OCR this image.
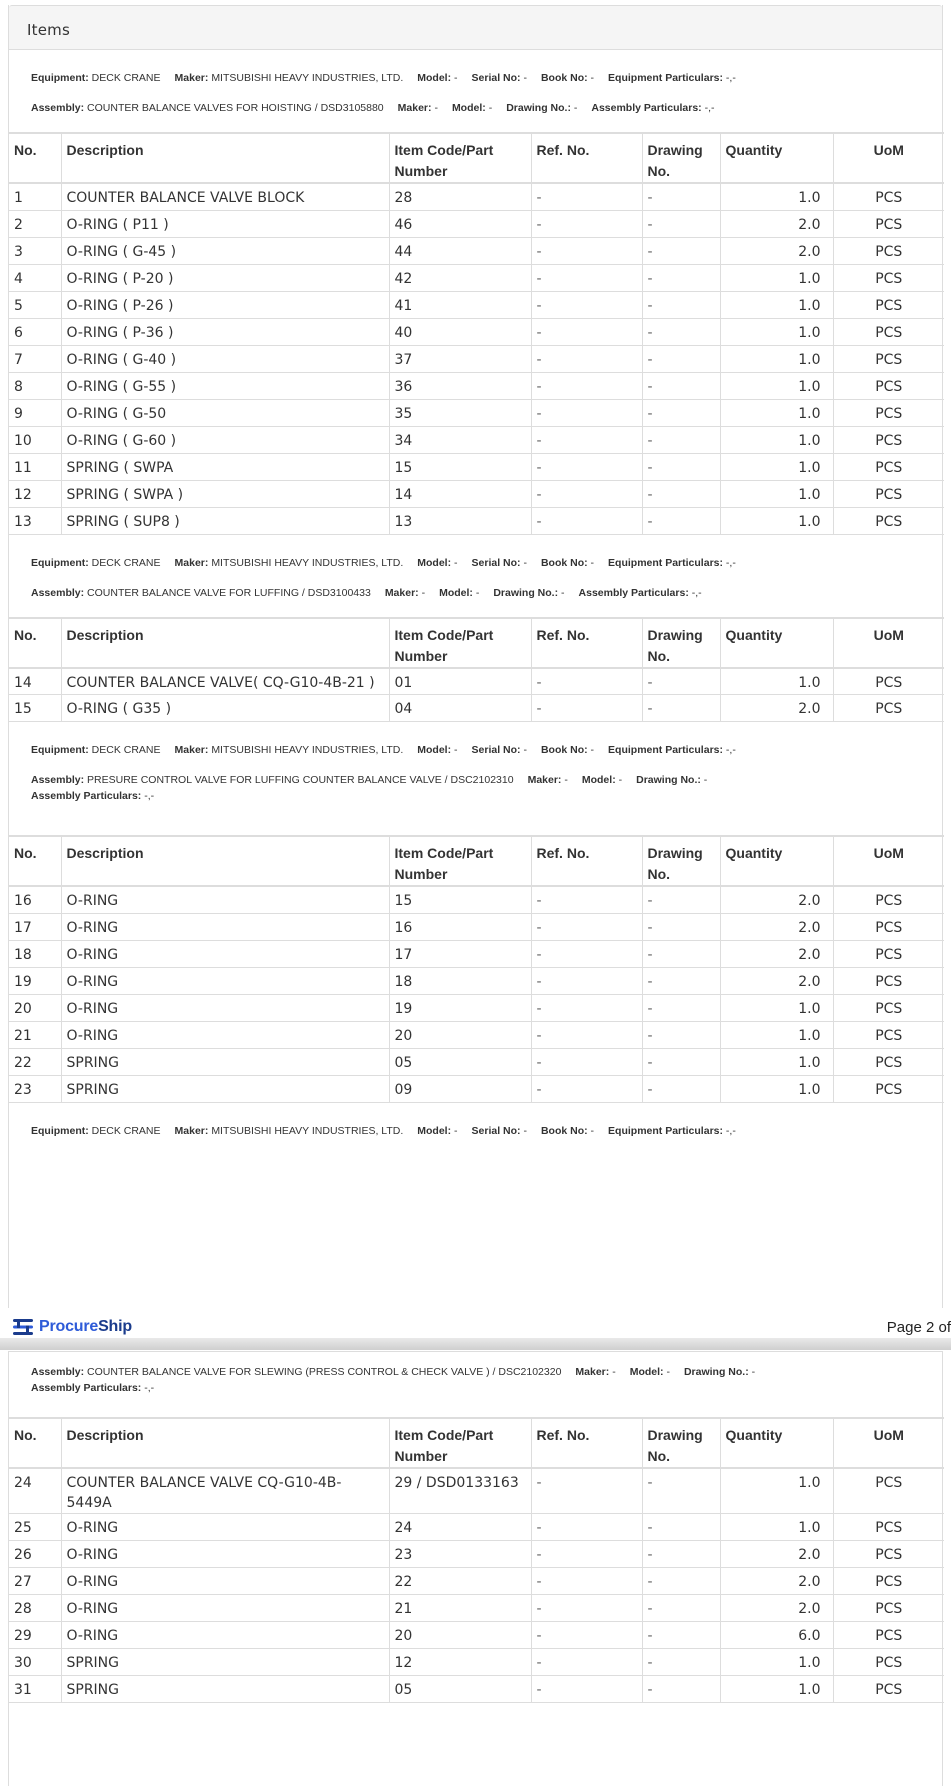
Items
Equipment: DECK CRANE Maker: MITSUBISHI HEAVY INDUSTRIES, LTD. Model: - Serial No: - Book No: - Equipment Particulars: -,-
Assembly: COUNTER BALANCE VALVES FOR HOISTING / DSD3105880 Maker: - Model: - Drawing No.: - Assembly Particulars: -,-
No.	Description	Item Code/Part Number	Ref. No.	Drawing No.	Quantity	UoM
1	COUNTER BALANCE VALVE BLOCK	28	-	-	1.0	PCS
2	O-RING ( P11 )	46	-	-	2.0	PCS
3	O-RING ( G-45 )	44	-	-	2.0	PCS
4	O-RING ( P-20 )	42	-	-	1.0	PCS
5	O-RING ( P-26 )	41	-	-	1.0	PCS
6	O-RING ( P-36 )	40	-	-	1.0	PCS
7	O-RING ( G-40 )	37	-	-	1.0	PCS
8	O-RING ( G-55 )	36	-	-	1.0	PCS
9	O-RING ( G-50	35	-	-	1.0	PCS
10	O-RING ( G-60 )	34	-	-	1.0	PCS
11	SPRING ( SWPA	15	-	-	1.0	PCS
12	SPRING ( SWPA )	14	-	-	1.0	PCS
13	SPRING ( SUP8 )	13	-	-	1.0	PCS
Equipment: DECK CRANE Maker: MITSUBISHI HEAVY INDUSTRIES, LTD. Model: - Serial No: - Book No: - Equipment Particulars: -,-
Assembly: COUNTER BALANCE VALVE FOR LUFFING / DSD3100433 Maker: - Model: - Drawing No.: - Assembly Particulars: -,-
No.	Description	Item Code/Part Number	Ref. No.	Drawing No.	Quantity	UoM
14	COUNTER BALANCE VALVE( CQ-G10-4B-21 )	01	-	-	1.0	PCS
15	O-RING ( G35 )	04	-	-	2.0	PCS
Equipment: DECK CRANE Maker: MITSUBISHI HEAVY INDUSTRIES, LTD. Model: - Serial No: - Book No: - Equipment Particulars: -,-
Assembly: PRESURE CONTROL VALVE FOR LUFFING COUNTER BALANCE VALVE / DSC2102310 Maker: - Model: - Drawing No.: -
Assembly Particulars: -,-
No.	Description	Item Code/Part Number	Ref. No.	Drawing No.	Quantity	UoM
16	O-RING	15	-	-	2.0	PCS
17	O-RING	16	-	-	2.0	PCS
18	O-RING	17	-	-	2.0	PCS
19	O-RING	18	-	-	2.0	PCS
20	O-RING	19	-	-	1.0	PCS
21	O-RING	20	-	-	1.0	PCS
22	SPRING	05	-	-	1.0	PCS
23	SPRING	09	-	-	1.0	PCS
Equipment: DECK CRANE Maker: MITSUBISHI HEAVY INDUSTRIES, LTD. Model: - Serial No: - Book No: - Equipment Particulars: -,-
ProcureShip	Page 2 of
Assembly: COUNTER BALANCE VALVE FOR SLEWING (PRESS CONTROL & CHECK VALVE ) / DSC2102320 Maker: - Model: - Drawing No.: -
Assembly Particulars: -,-
No.	Description	Item Code/Part Number	Ref. No.	Drawing No.	Quantity	UoM
24	COUNTER BALANCE VALVE CQ-G10-4B-5449A	29 / DSD0133163	-	-	1.0	PCS
25	O-RING	24	-	-	1.0	PCS
26	O-RING	23	-	-	2.0	PCS
27	O-RING	22	-	-	2.0	PCS
28	O-RING	21	-	-	2.0	PCS
29	O-RING	20	-	-	6.0	PCS
30	SPRING	12	-	-	1.0	PCS
31	SPRING	05	-	-	1.0	PCS
